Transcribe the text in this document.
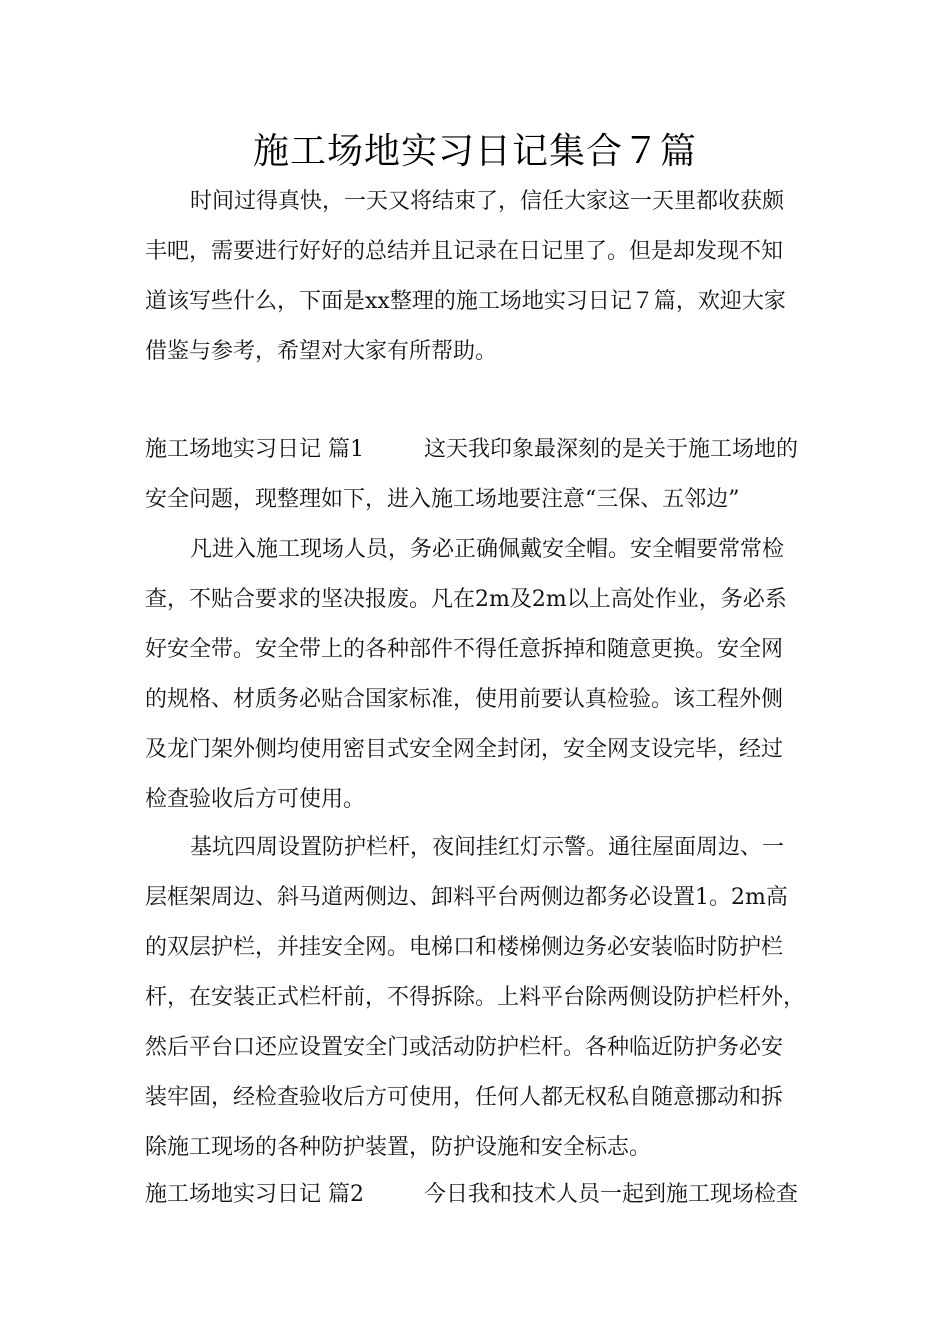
施工场地实习日记集合７篇
时间过得真快，一天又将结束了，信任大家这一天里都收获颇
丰吧，需要进行好好的总结并且记录在日记里了。但是却发现不知
道该写些什么，下面是xx整理的施工场地实习日记７篇，欢迎大家
借鉴与参考，希望对大家有所帮助。
施工场地实习日记 篇1	这天我印象最深刻的是关于施工场地的
安全问题，现整理如下，进入施工场地要注意“三保、五邻边”
凡进入施工现场人员，务必正确佩戴安全帽。安全帽要常常检
查，不贴合要求的坚决报废。凡在2m及2m以上高处作业，务必系
好安全带。安全带上的各种部件不得任意拆掉和随意更换。安全网
的规格、材质务必贴合国家标准，使用前要认真检验。该工程外侧
及龙门架外侧均使用密目式安全网全封闭，安全网支设完毕，经过
检查验收后方可使用。
基坑四周设置防护栏杆，夜间挂红灯示警。通往屋面周边、一
层框架周边、斜马道两侧边、卸料平台两侧边都务必设置1。2m高
的双层护栏，并挂安全网。电梯口和楼梯侧边务必安装临时防护栏
杆，在安装正式栏杆前，不得拆除。上料平台除两侧设防护栏杆外，
然后平台口还应设置安全门或活动防护栏杆。各种临近防护务必安
装牢固，经检查验收后方可使用，任何人都无权私自随意挪动和拆
除施工现场的各种防护装置，防护设施和安全标志。
施工场地实习日记 篇2	今日我和技术人员一起到施工现场检查
